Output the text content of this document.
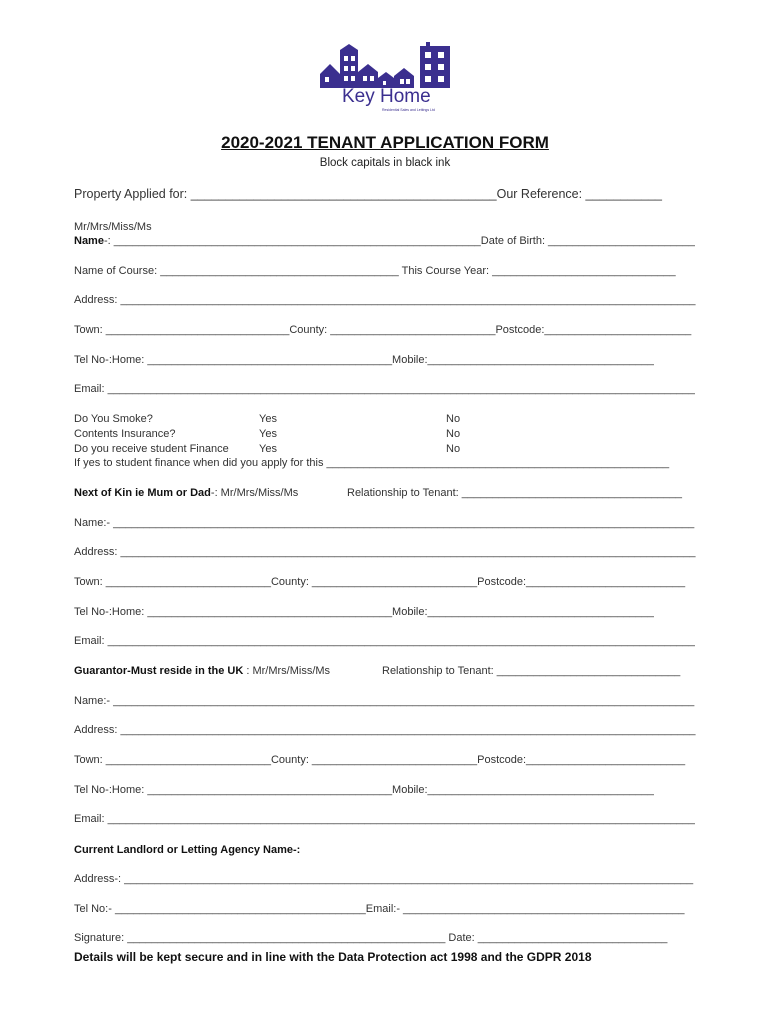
Key Home
Residential Sales and Lettings Ltd
2020-2021 TENANT APPLICATION FORM
Block capitals in black ink
Property Applied for: ____________________________________________Our Reference: ___________
Mr/Mrs/Miss/Ms
Name-: ____________________________________________________________Date of Birth: ________________________
Name of Course: _______________________________________ This Course Year: ______________________________
Address: ______________________________________________________________________________________________
Town: ______________________________County: ___________________________Postcode:________________________
Tel No-:Home: ________________________________________Mobile:_____________________________________
Email: ________________________________________________________________________________________________
Do You Smoke?	Yes	No
Contents Insurance?	Yes	No
Do you receive student Finance	Yes	No
If yes to student finance when did you apply for this ________________________________________________________
Next of Kin ie Mum or Dad-: Mr/Mrs/Miss/Ms	Relationship to Tenant: ____________________________________
Name:- _______________________________________________________________________________________________
Address: ______________________________________________________________________________________________
Town: ___________________________County: ___________________________Postcode:__________________________
Tel No-:Home: ________________________________________Mobile:_____________________________________
Email: ________________________________________________________________________________________________
Guarantor-Must reside in the UK : Mr/Mrs/Miss/Ms	Relationship to Tenant: ______________________________
Name:- _______________________________________________________________________________________________
Address: ______________________________________________________________________________________________
Town: ___________________________County: ___________________________Postcode:__________________________
Tel No-:Home: ________________________________________Mobile:_____________________________________
Email: ________________________________________________________________________________________________
Current Landlord or Letting Agency Name-:
Address-: _____________________________________________________________________________________________
Tel No:- _________________________________________Email:- ______________________________________________
Signature: ____________________________________________________ Date: _______________________________
Details will be kept secure and in line with the Data Protection act 1998 and the GDPR 2018
